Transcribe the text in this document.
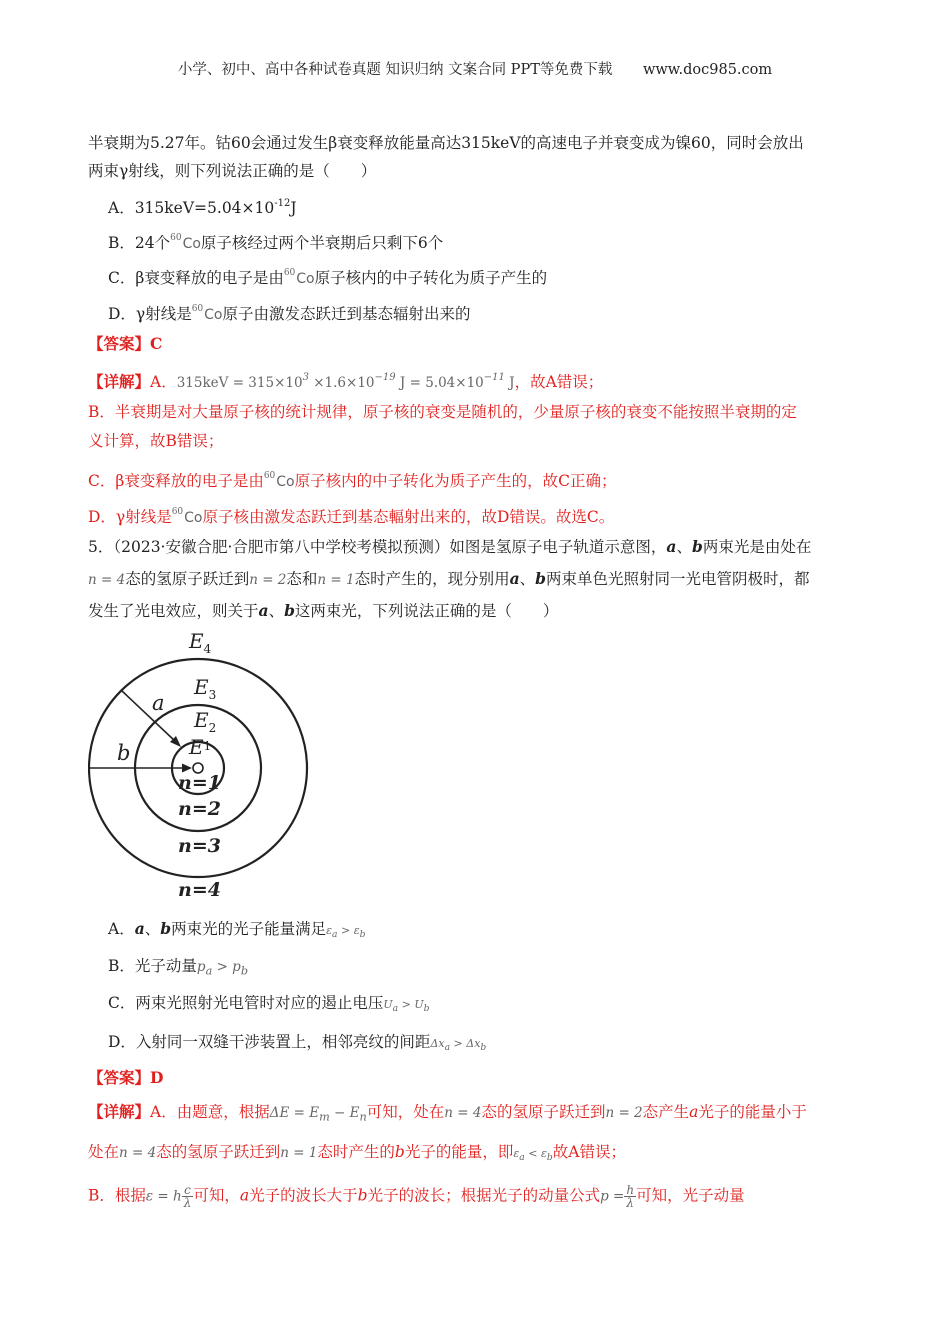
小学、初中、高中各种试卷真题 知识归纳 文案合同 PPT等免费下载 www.doc985.com
半衰期为5.27年。钴60会通过发生β衰变释放能量高达315keV的高速电子并衰变成为镍60，同时会放出
两束γ射线，则下列说法正确的是（　　）
A．$315keV=5.04\times 10^{-12}J$
B．24个$^{60}$Co原子核经过两个半衰期后只剩下6个
C．β衰变释放的电子是由$^{60}$Co原子核内的中子转化为质子产生的
D．γ射线是$^{60}$Co原子由激发态跃迁到基态辐射出来的
【答案】C
【详解】A．$315keV = 315\times 10^3 \times 1.6\times 10^{-19}$ $J = 5.04\times 10^{-11}$ J，故A错误；
B．半衰期是对大量原子核的统计规律，原子核的衰变是随机的，少量原子核的衰变不能按照半衰期的定
义计算，故B错误；
C．β衰变释放的电子是由$^{60}$Co原子核内的中子转化为质子产生的，故C正确；
D．γ射线是$^{60}$Co原子核由激发态跃迁到基态輻射出来的，故D错误。故选C。
5．（2023·安徽合肥·合肥市第八中学校考模拟预测）如图是氢原子电子轨道示意图，a、b两束光是由处在
n = 4态的氢原子跃迁到n = 2态和n = 1态时产生的，现分别用a、b两束单色光照射同一光电管阴极时，都
发生了光电效应，则关于a、b这两束光，下列说法正确的是（　　）
$E_4$
$E_3$
$E_2$
$E^1$
a
b
n=1
n=2
n=3
n=4
A．a、b两束光的光子能量满足$\varepsilon_a > \varepsilon_b$
B．光子动量$p_a > p_b$
C．两束光照射光电管时对应的遏止电压$U_a > U_b$
D．入射同一双缝干涉装置上，相邻亮纹的间距$\Delta x_a > \Delta x_b$
【答案】D
【详解】A．由题意，根据$\Delta E = E_m - E_n$可知，处在n = 4态的氢原子跃迁到n = 2态产生a光子的能量小于
处在n = 4态的氢原子跃迁到n = 1态时产生的b光子的能量，即$\varepsilon_a < \varepsilon_b$故A错误；
B．根据ε = h $\frac{c}{\lambda}$ 可知，a光子的波长大于b光子的波长；根据光子的动量公式$p = \frac{h}{\lambda}$ 可知，光子动量
